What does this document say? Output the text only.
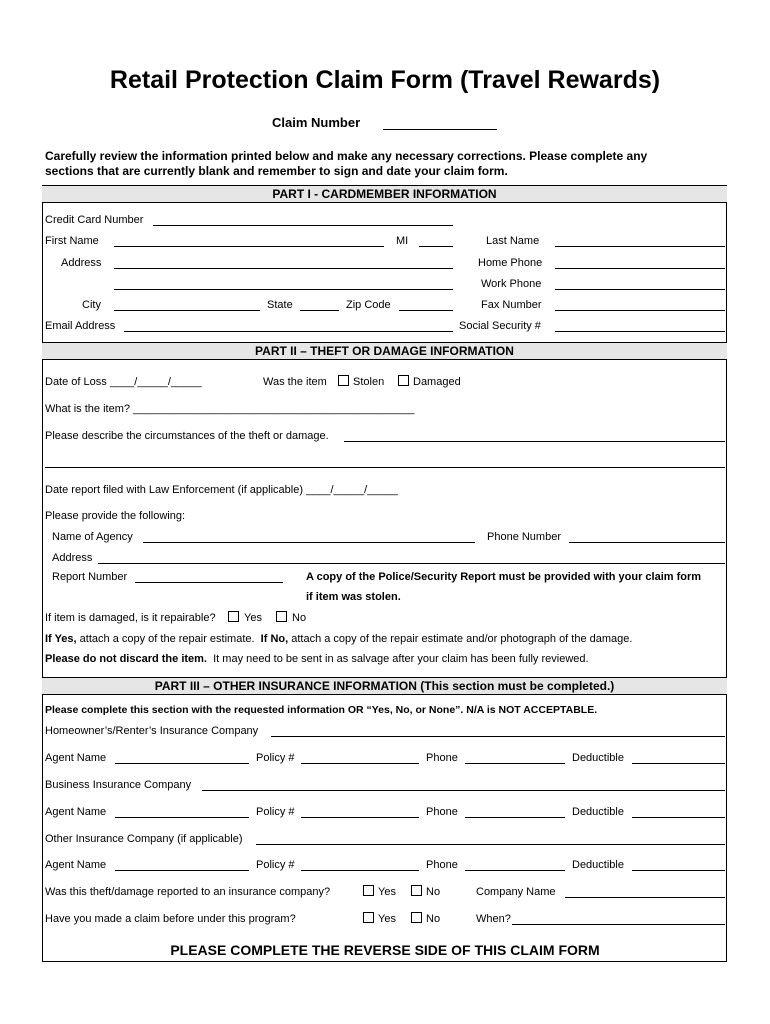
Retail Protection Claim Form (Travel Rewards)
Claim Number
Carefully review the information printed below and make any necessary corrections. Please complete any
sections that are currently blank and remember to sign and date your claim form.
PART I - CARDMEMBER INFORMATION
Credit Card Number
First Name	MI	Last Name
Address	Home Phone
Work Phone
City	State	Zip Code	Fax Number
Email Address	Social Security #
PART II – THEFT OR DAMAGE INFORMATION
Date of Loss ____/_____/_____	Was the item Stolen	Damaged
What is the item? ______________________________________________
Please describe the circumstances of the theft or damage.
Date report filed with Law Enforcement (if applicable) ____/_____/_____
Please provide the following:
Name of Agency	Phone Number
Address
Report Number	A copy of the Police/Security Report must be provided with your claim form
if item was stolen.
If item is damaged, is it repairable?	Yes	No
If Yes, attach a copy of the repair estimate. If No, attach a copy of the repair estimate and/or photograph of the damage.
Please do not discard the item. It may need to be sent in as salvage after your claim has been fully reviewed.
PART III – OTHER INSURANCE INFORMATION (This section must be completed.)
Please complete this section with the requested information OR “Yes, No, or None”. N/A is NOT ACCEPTABLE.
Homeowner’s/Renter’s Insurance Company
Agent Name	Policy #	Phone	Deductible
Business Insurance Company
Agent Name	Policy #	Phone	Deductible
Other Insurance Company (if applicable)
Agent Name	Policy #	Phone	Deductible
Was this theft/damage reported to an insurance company?	Yes	No	Company Name
Have you made a claim before under this program?	Yes	No	When?
PLEASE COMPLETE THE REVERSE SIDE OF THIS CLAIM FORM
